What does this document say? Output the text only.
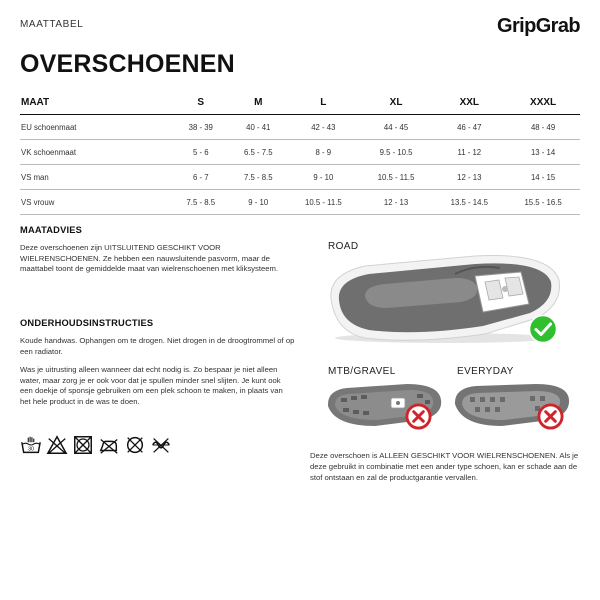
MAATTABEL	GripGrab
OVERSCHOENEN
MAAT	S	M	L	XL	XXL	XXXL
EU schoenmaat	38 - 39	40 - 41	42 - 43	44 - 45	46 - 47	48 - 49
VK schoenmaat	5 - 6	6.5 - 7.5	8 - 9	9.5 - 10.5	11 - 12	13 - 14
VS man	6 - 7	7.5 - 8.5	9 - 10	10.5 - 11.5	12 - 13	14 - 15
VS vrouw	7.5 - 8.5	9 - 10	10.5 - 11.5	12 - 13	13.5 - 14.5	15.5 - 16.5
MAATADVIES

Deze overschoenen zijn UITSLUITEND GESCHIKT VOOR WIELRENSCHOENEN. Ze hebben een nauwsluitende pasvorm, maar de maattabel toont de gemiddelde maat van wielrenschoenen met kliksysteem.

ONDERHOUDSINSTRUCTIES

Koude handwas. Ophangen om te drogen. Niet drogen in de droogtrommel of op een radiator.

Was je uitrusting alleen wanneer dat echt nodig is. Zo bespaar je niet alleen water, maar zorg je er ook voor dat je spullen minder snel slijten. Je kunt ook een doekje of sponsje gebruiken om een plek schoon te maken, in plaats van het hele product in de was te doen.

30
ROAD
MTB/GRAVEL	EVERYDAY

Deze overschoen is ALLEEN GESCHIKT VOOR WIELRENSCHOENEN. Als je deze gebruikt in combinatie met een ander type schoen, kan er schade aan de stof ontstaan en zal de productgarantie vervallen.
